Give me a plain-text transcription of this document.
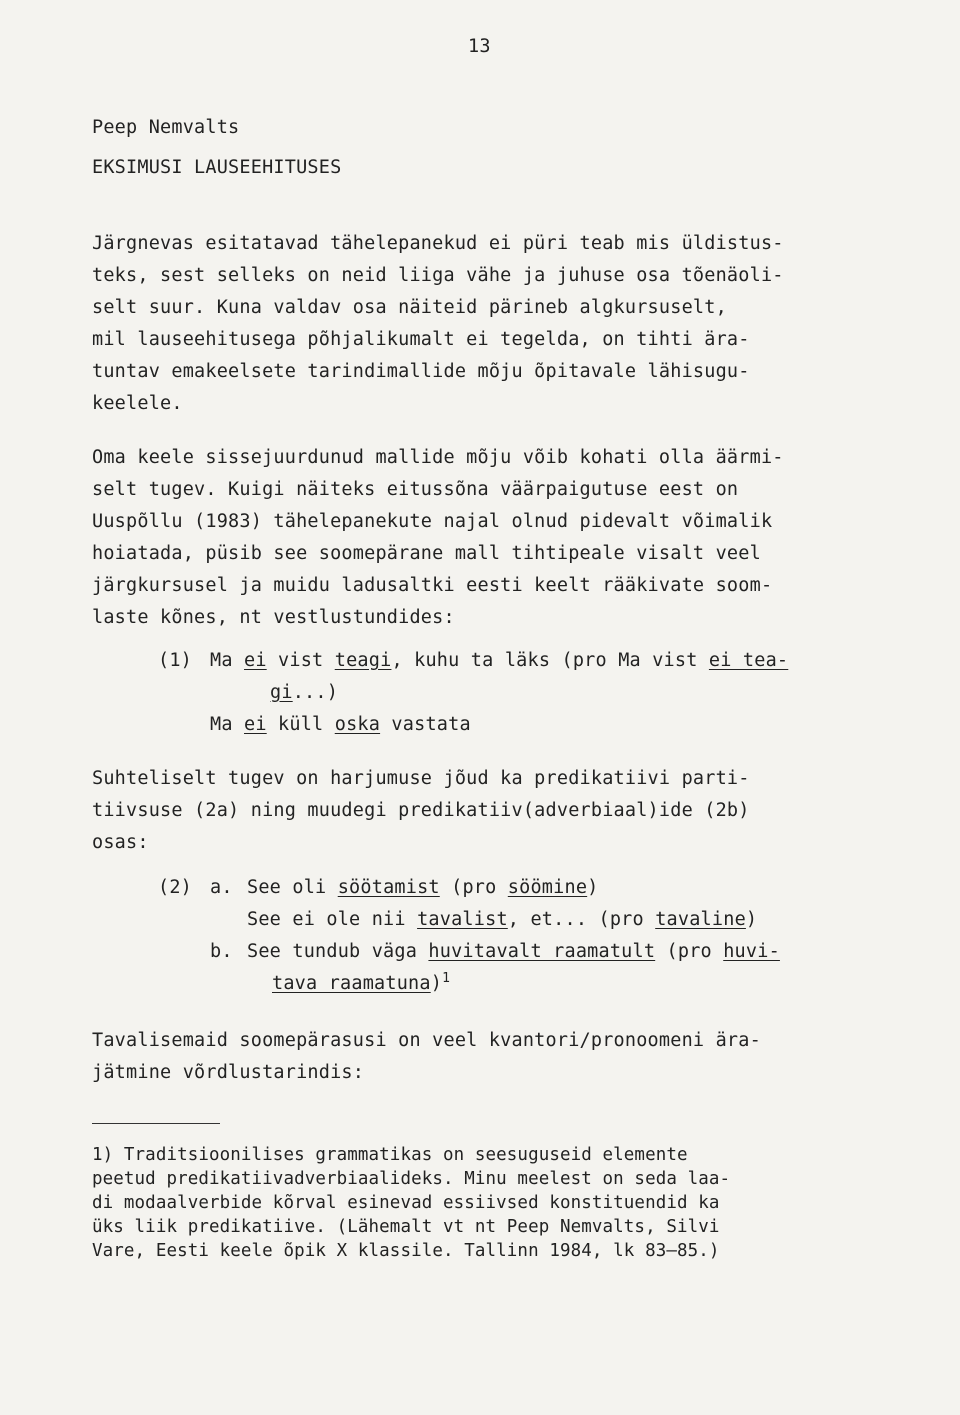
13
Peep Nemvalts
EKSIMUSI LAUSEEHITUSES
Järgnevas esitatavad tähelepanekud ei püri teab mis üldistus-
teks, sest selleks on neid liiga vähe ja juhuse osa tõenäoli-
selt suur. Kuna valdav osa näiteid pärineb algkursuselt,
mil lauseehitusega põhjalikumalt ei tegelda, on tihti ära-
tuntav emakeelsete tarindimallide mõju õpitavale lähisugu-
keelele.
Oma keele sissejuurdunud mallide mõju võib kohati olla äärmi-
selt tugev. Kuigi näiteks eitussõna väärpaigutuse eest on
Uuspõllu (1983) tähelepanekute najal olnud pidevalt võimalik
hoiatada, püsib see soomepärane mall tihtipeale visalt veel
järgkursusel ja muidu ladusaltki eesti keelt rääkivate soom-
laste kõnes, nt vestlustundides:
(1) Ma ei vist teagi, kuhu ta läks (pro Ma vist ei tea-
gi...)
Ma ei küll oska vastata
Suhteliselt tugev on harjumuse jõud ka predikatiivi parti-
tiivsuse (2a) ning muudegi predikatiiv(adverbiaal)ide (2b)
osas:
(2) a. See oli söötamist (pro söömine)
See ei ole nii tavalist, et... (pro tavaline)
b. See tundub väga huvitavalt raamatult (pro huvi-
tava raamatuna)$^1$
Tavalisemaid soomepärasusi on veel kvantori/pronoomeni ära-
jätmine võrdlustarindis:
1) Traditsioonilises grammatikas on seesuguseid elemente
peetud predikatiivadverbiaalideks. Minu meelest on seda laa-
di modaalverbide kõrval esinevad essiivsed konstituendid ka
üks liik predikatiive. (Lähemalt vt nt Peep Nemvalts, Silvi
Vare, Eesti keele õpik X klassile. Tallinn 1984, lk 83–85.)
